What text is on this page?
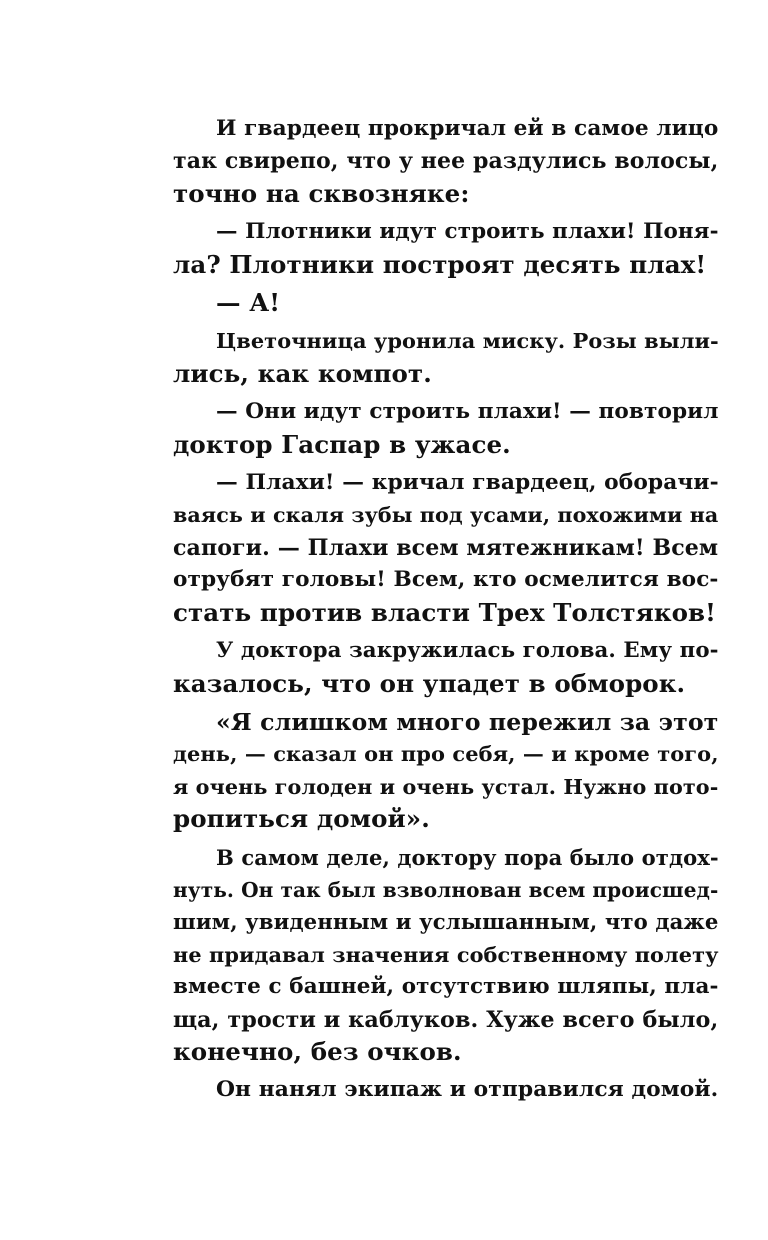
И гвардеец прокричал ей в самое лицо
так свирепо, что у нее раздулись волосы,
точно на сквозняке:

— Плотники идут строить плахи! Поня-
ла? Плотники построят десять плах!

— А!

Цветочница уронила миску. Розы выли-
лись, как компот.

— Они идут строить плахи! — повторил
доктор Гаспар в ужасе.

— Плахи! — кричал гвардеец, оборачи-
ваясь и скаля зубы под усами, похожими на
сапоги. — Плахи всем мятежникам! Всем
отрубят головы! Всем, кто осмелится вос-
стать против власти Трех Толстяков!

У доктора закружилась голова. Ему по-
казалось, что он упадет в обморок.

«Я слишком много пережил за этот
день, — сказал он про себя, — и кроме того,
я очень голоден и очень устал. Нужно пото-
ропиться домой».

В самом деле, доктору пора было отдох-
нуть. Он так был взволнован всем происшед-
шим, увиденным и услышанным, что даже
не придавал значения собственному полету
вместе с башней, отсутствию шляпы, пла-
ща, трости и каблуков. Хуже всего было,
конечно, без очков.

Он нанял экипаж и отправился домой.
